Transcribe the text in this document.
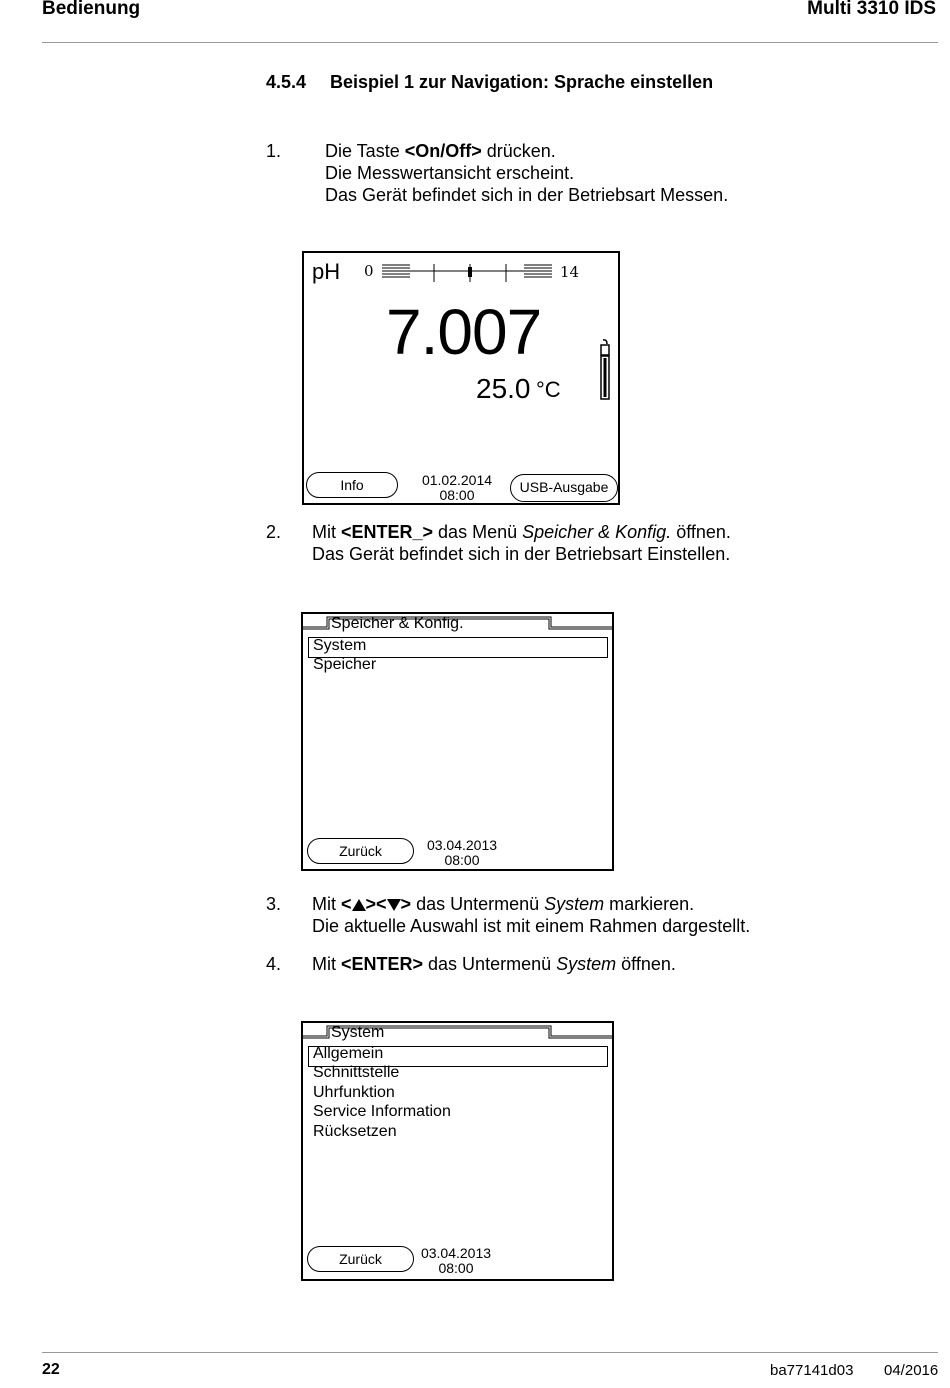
Bedienung	Multi 3310 IDS
4.5.4 Beispiel 1 zur Navigation: Sprache einstellen
1. Die Taste <On/Off> drücken.
Die Messwertansicht erscheint.
Das Gerät befindet sich in der Betriebsart Messen.
pH 0	14
7.007
25.0 °C
Info	01.02.2014
08:00	USB-Ausgabe
2. Mit <ENTER_> das Menü Speicher & Konfig. öffnen.
Das Gerät befindet sich in der Betriebsart Einstellen.
Speicher & Konfig.
System
Speicher
Zurück	03.04.2013
08:00
3. Mit < >< > das Untermenü System markieren.
Die aktuelle Auswahl ist mit einem Rahmen dargestellt.
4. Mit <ENTER> das Untermenü System öffnen.
System
Allgemein
Schnittstelle
Uhrfunktion
Service Information
Rücksetzen
Zurück	03.04.2013
08:00
22	ba77141d03 04/2016
